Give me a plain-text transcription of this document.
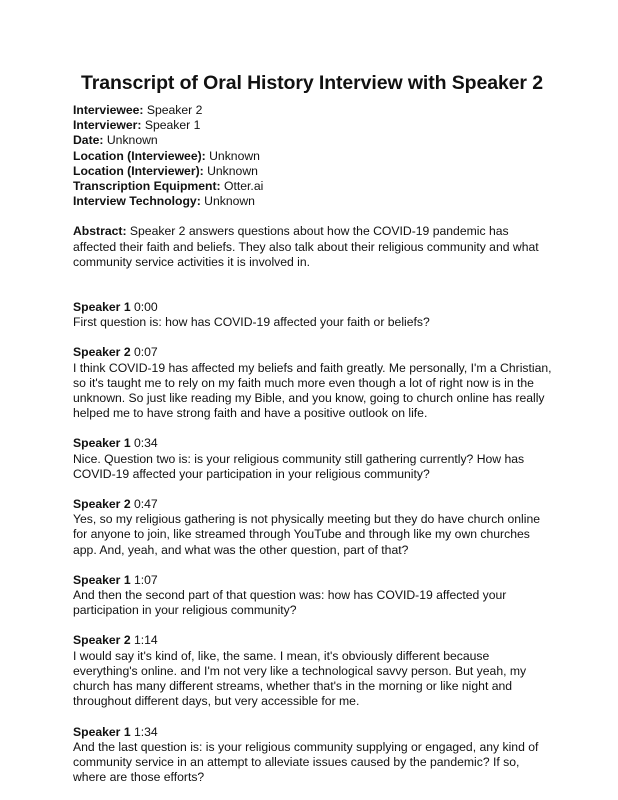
Transcript of Oral History Interview with Speaker 2

Interviewee: Speaker 2

Interviewer: Speaker 1

Date: Unknown

Location (Interviewee): Unknown

Location (Interviewer): Unknown

Transcription Equipment: Otter.ai

Interview Technology: Unknown

Abstract: Speaker 2 answers questions about how the COVID-19 pandemic has affected their faith and beliefs. They also talk about their religious community and what community service activities it is involved in.

Speaker 1 0:00

First question is: how has COVID-19 affected your faith or beliefs?

Speaker 2 0:07

I think COVID-19 has affected my beliefs and faith greatly. Me personally, I'm a Christian, so it's taught me to rely on my faith much more even though a lot of right now is in the unknown. So just like reading my Bible, and you know, going to church online has really helped me to have strong faith and have a positive outlook on life.

Speaker 1 0:34

Nice. Question two is: is your religious community still gathering currently? How has COVID-19 affected your participation in your religious community?

Speaker 2 0:47

Yes, so my religious gathering is not physically meeting but they do have church online for anyone to join, like streamed through YouTube and through like my own churches app. And, yeah, and what was the other question, part of that?

Speaker 1 1:07

And then the second part of that question was: how has COVID-19 affected your participation in your religious community?

Speaker 2 1:14

I would say it's kind of, like, the same. I mean, it's obviously different because everything's online. and I'm not very like a technological savvy person. But yeah, my church has many different streams, whether that's in the morning or like night and throughout different days, but very accessible for me.

Speaker 1 1:34

And the last question is: is your religious community supplying or engaged, any kind of community service in an attempt to alleviate issues caused by the pandemic? If so, where are those efforts?
